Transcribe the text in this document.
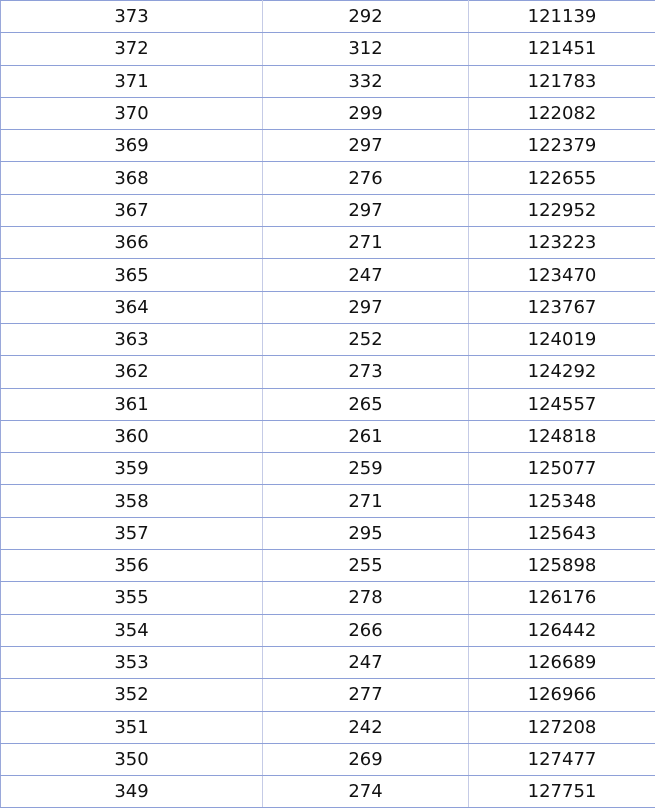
373	292	121139
372	312	121451
371	332	121783
370	299	122082
369	297	122379
368	276	122655
367	297	122952
366	271	123223
365	247	123470
364	297	123767
363	252	124019
362	273	124292
361	265	124557
360	261	124818
359	259	125077
358	271	125348
357	295	125643
356	255	125898
355	278	126176
354	266	126442
353	247	126689
352	277	126966
351	242	127208
350	269	127477
349	274	127751
